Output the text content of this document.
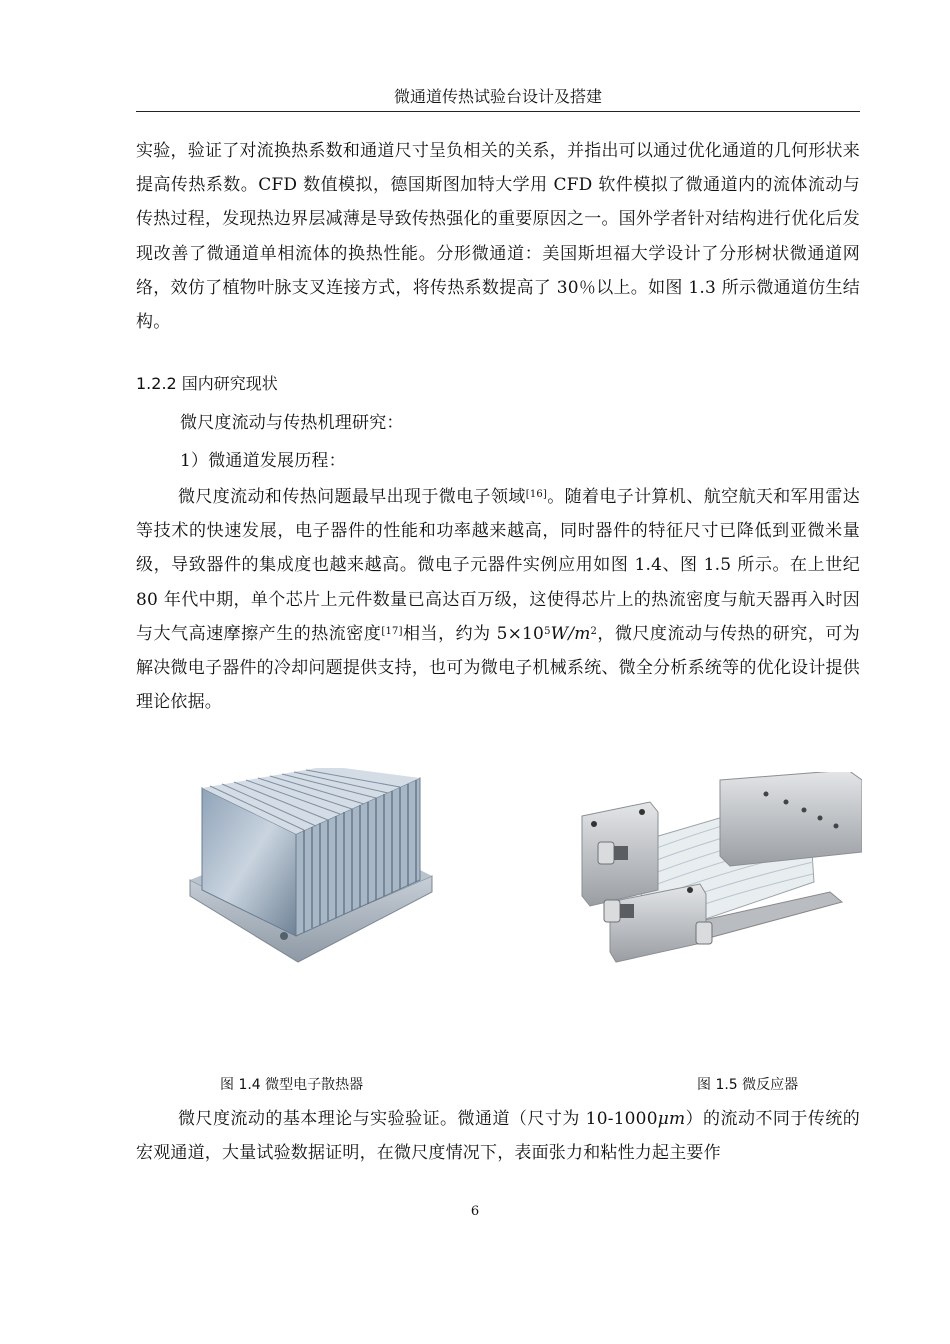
微通道传热试验台设计及搭建
实验，验证了对流换热系数和通道尺寸呈负相关的关系，并指出可以通过优化通道的几何形状来提高传热系数。CFD 数值模拟，德国斯图加特大学用 CFD 软件模拟了微通道内的流体流动与传热过程，发现热边界层减薄是导致传热强化的重要原因之一。国外学者针对结构进行优化后发现改善了微通道单相流体的换热性能。分形微通道：美国斯坦福大学设计了分形树状微通道网络，效仿了植物叶脉支叉连接方式，将传热系数提高了 30％以上。如图 1.3 所示微通道仿生结构。
1.2.2 国内研究现状
微尺度流动与传热机理研究：
1）微通道发展历程：
微尺度流动和传热问题最早出现于微电子领域[16]。随着电子计算机、航空航天和军用雷达等技术的快速发展，电子器件的性能和功率越来越高，同时器件的特征尺寸已降低到亚微米量级，导致器件的集成度也越来越高。微电子元器件实例应用如图 1.4、图 1.5 所示。在上世纪 80 年代中期，单个芯片上元件数量已高达百万级，这使得芯片上的热流密度与航天器再入时因与大气高速摩擦产生的热流密度[17]相当，约为 $5\times 10^5W/m^2$，微尺度流动与传热的研究，可为解决微电子器件的冷却问题提供支持，也可为微电子机械系统、微全分析系统等的优化设计提供理论依据。
图 1.4 微型电子散热器	图 1.5 微反应器
微尺度流动的基本理论与实验验证。微通道（尺寸为 10-1000μm）的流动不同于传统的宏观通道，大量试验数据证明，在微尺度情况下，表面张力和粘性力起主要作
6
